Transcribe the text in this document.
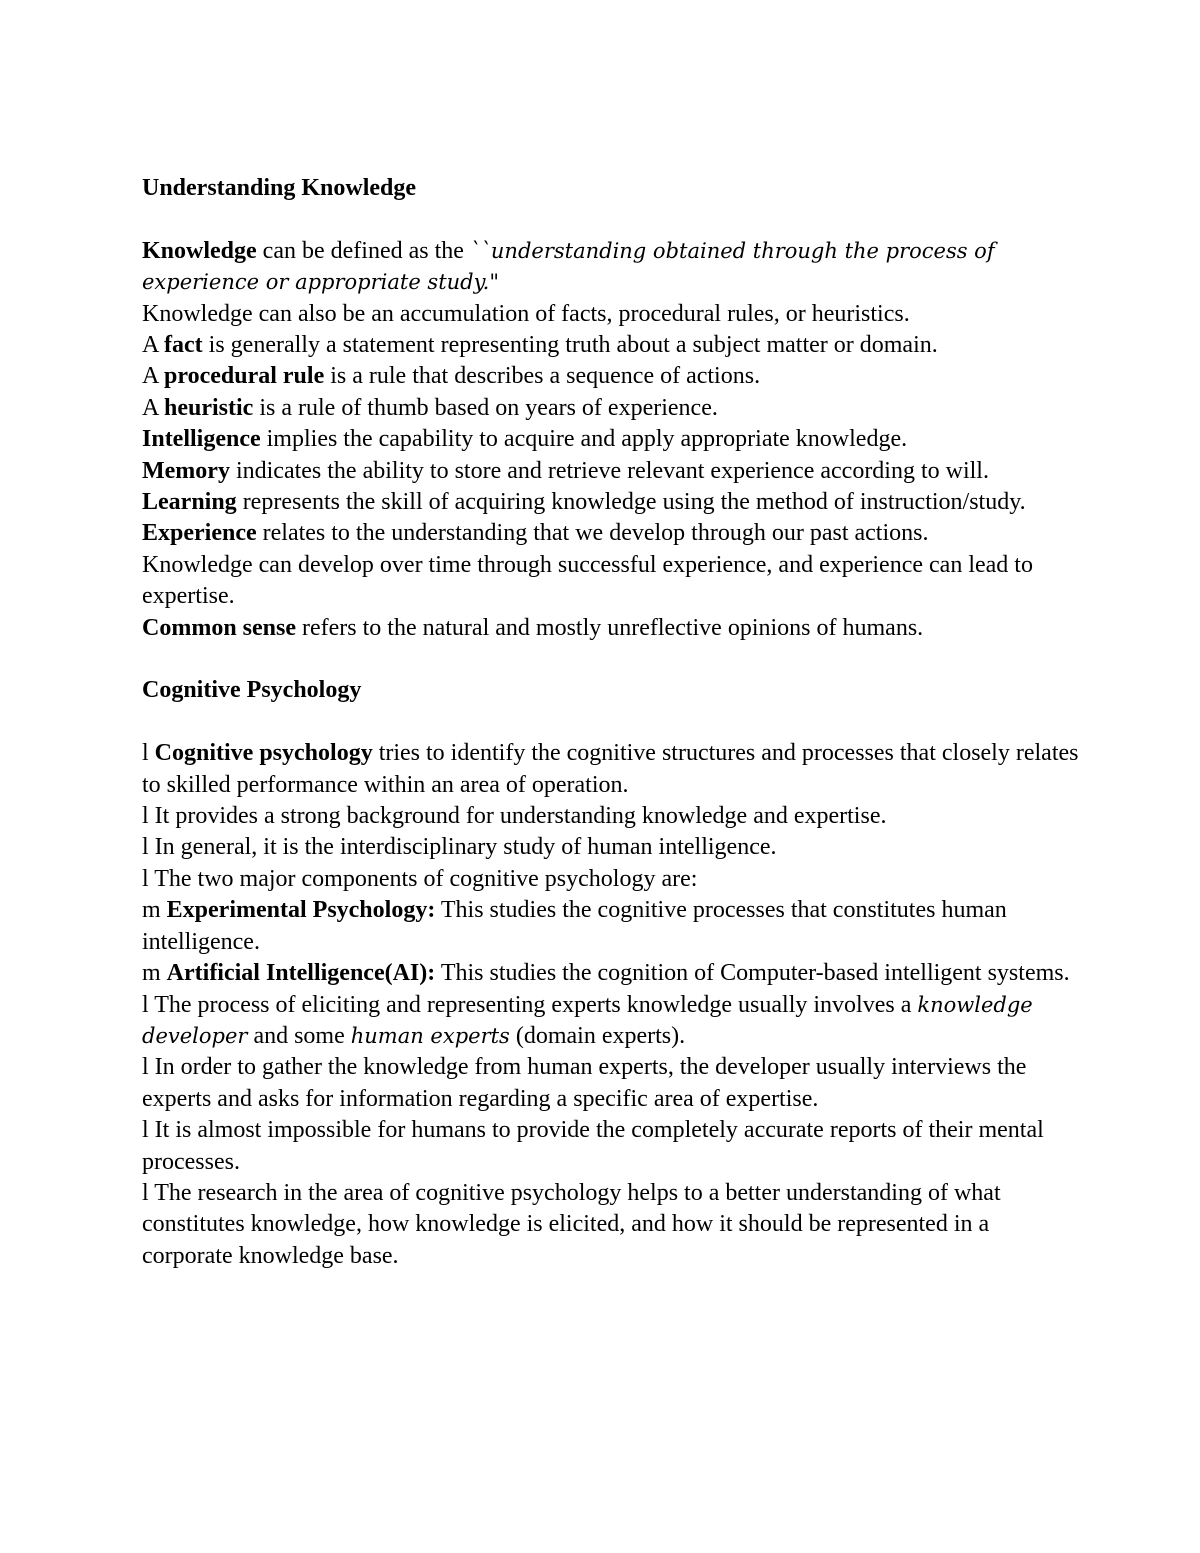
Understanding Knowledge

Knowledge can be defined as the ``understanding obtained through the process of experience or appropriate study."

Knowledge can also be an accumulation of facts, procedural rules, or heuristics.

A fact is generally a statement representing truth about a subject matter or domain.

A procedural rule is a rule that describes a sequence of actions.

A heuristic is a rule of thumb based on years of experience.

Intelligence implies the capability to acquire and apply appropriate knowledge.

Memory indicates the ability to store and retrieve relevant experience according to will.

Learning represents the skill of acquiring knowledge using the method of instruction/study.

Experience relates to the understanding that we develop through our past actions.

Knowledge can develop over time through successful experience, and experience can lead to expertise.

Common sense refers to the natural and mostly unreflective opinions of humans.

Cognitive Psychology

l Cognitive psychology tries to identify the cognitive structures and processes that closely relates to skilled performance within an area of operation.

l It provides a strong background for understanding knowledge and expertise.

l In general, it is the interdisciplinary study of human intelligence.

l The two major components of cognitive psychology are:

m Experimental Psychology: This studies the cognitive processes that constitutes human intelligence.

m Artificial Intelligence(AI): This studies the cognition of Computer-based intelligent systems.

l The process of eliciting and representing experts knowledge usually involves a knowledge developer and some human experts (domain experts).

l In order to gather the knowledge from human experts, the developer usually interviews the experts and asks for information regarding a specific area of expertise.

l It is almost impossible for humans to provide the completely accurate reports of their mental processes.

l The research in the area of cognitive psychology helps to a better understanding of what constitutes knowledge, how knowledge is elicited, and how it should be represented in a corporate knowledge base.
